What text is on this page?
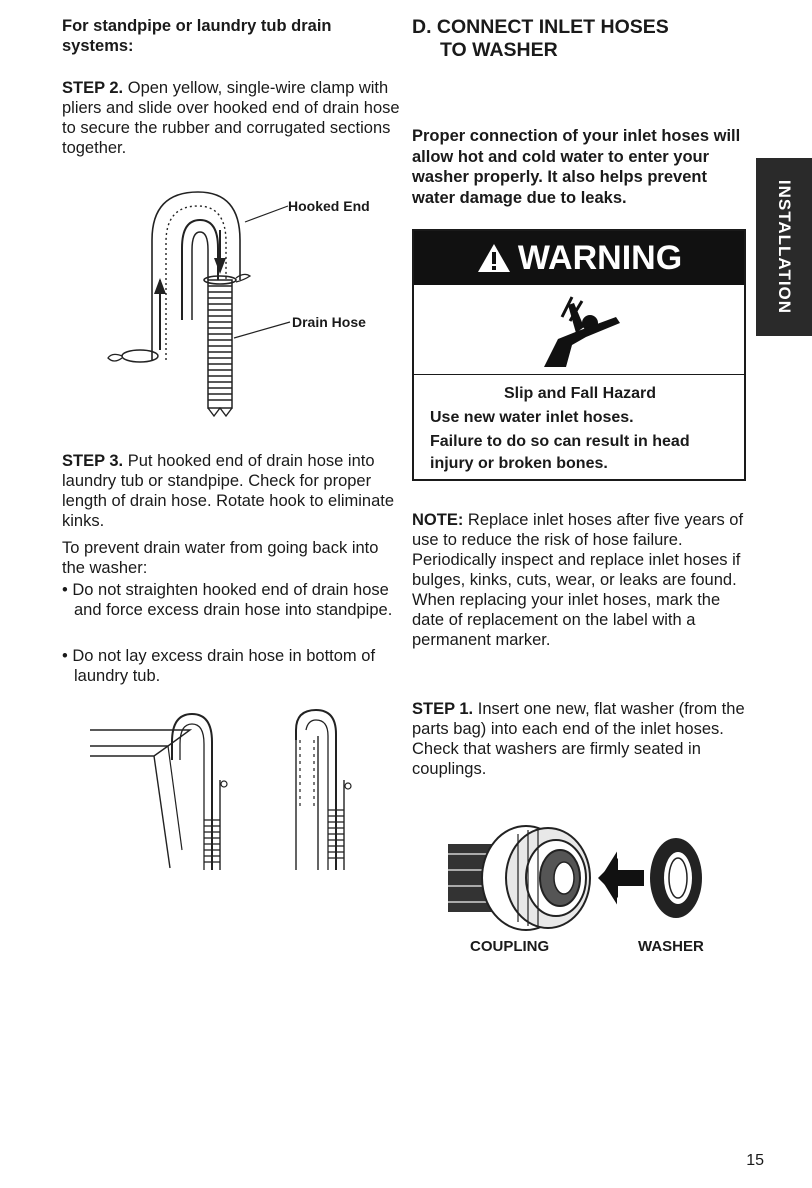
For standpipe or laundry tub drain systems:

STEP 2. Open yellow, single-wire clamp with pliers and slide over hooked end of drain hose to secure the rubber and corrugated sections together.

Hooked End
Drain Hose

STEP 3. Put hooked end of drain hose into laundry tub or standpipe. Check for proper length of drain hose. Rotate hook to eliminate kinks.

To prevent drain water from going back into the washer:

• Do not straighten hooked end of drain hose and force excess drain hose into standpipe.

• Do not lay excess drain hose in bottom of laundry tub.

D. CONNECT INLET HOSES
TO WASHER

Proper connection of your inlet hoses will allow hot and cold water to enter your washer properly. It also helps prevent water damage due to leaks.	INSTALLATION
WARNING
Slip and Fall Hazard
Use new water inlet hoses.
Failure to do so can result in head injury or broken bones.

NOTE: Replace inlet hoses after five years of use to reduce the risk of hose failure. Periodically inspect and replace inlet hoses if bulges, kinks, cuts, wear, or leaks are found. When replacing your inlet hoses, mark the date of replacement on the label with a permanent marker.

STEP 1. Insert one new, flat washer (from the parts bag) into each end of the inlet hoses. Check that washers are firmly seated in couplings.

COUPLING	WASHER
15
